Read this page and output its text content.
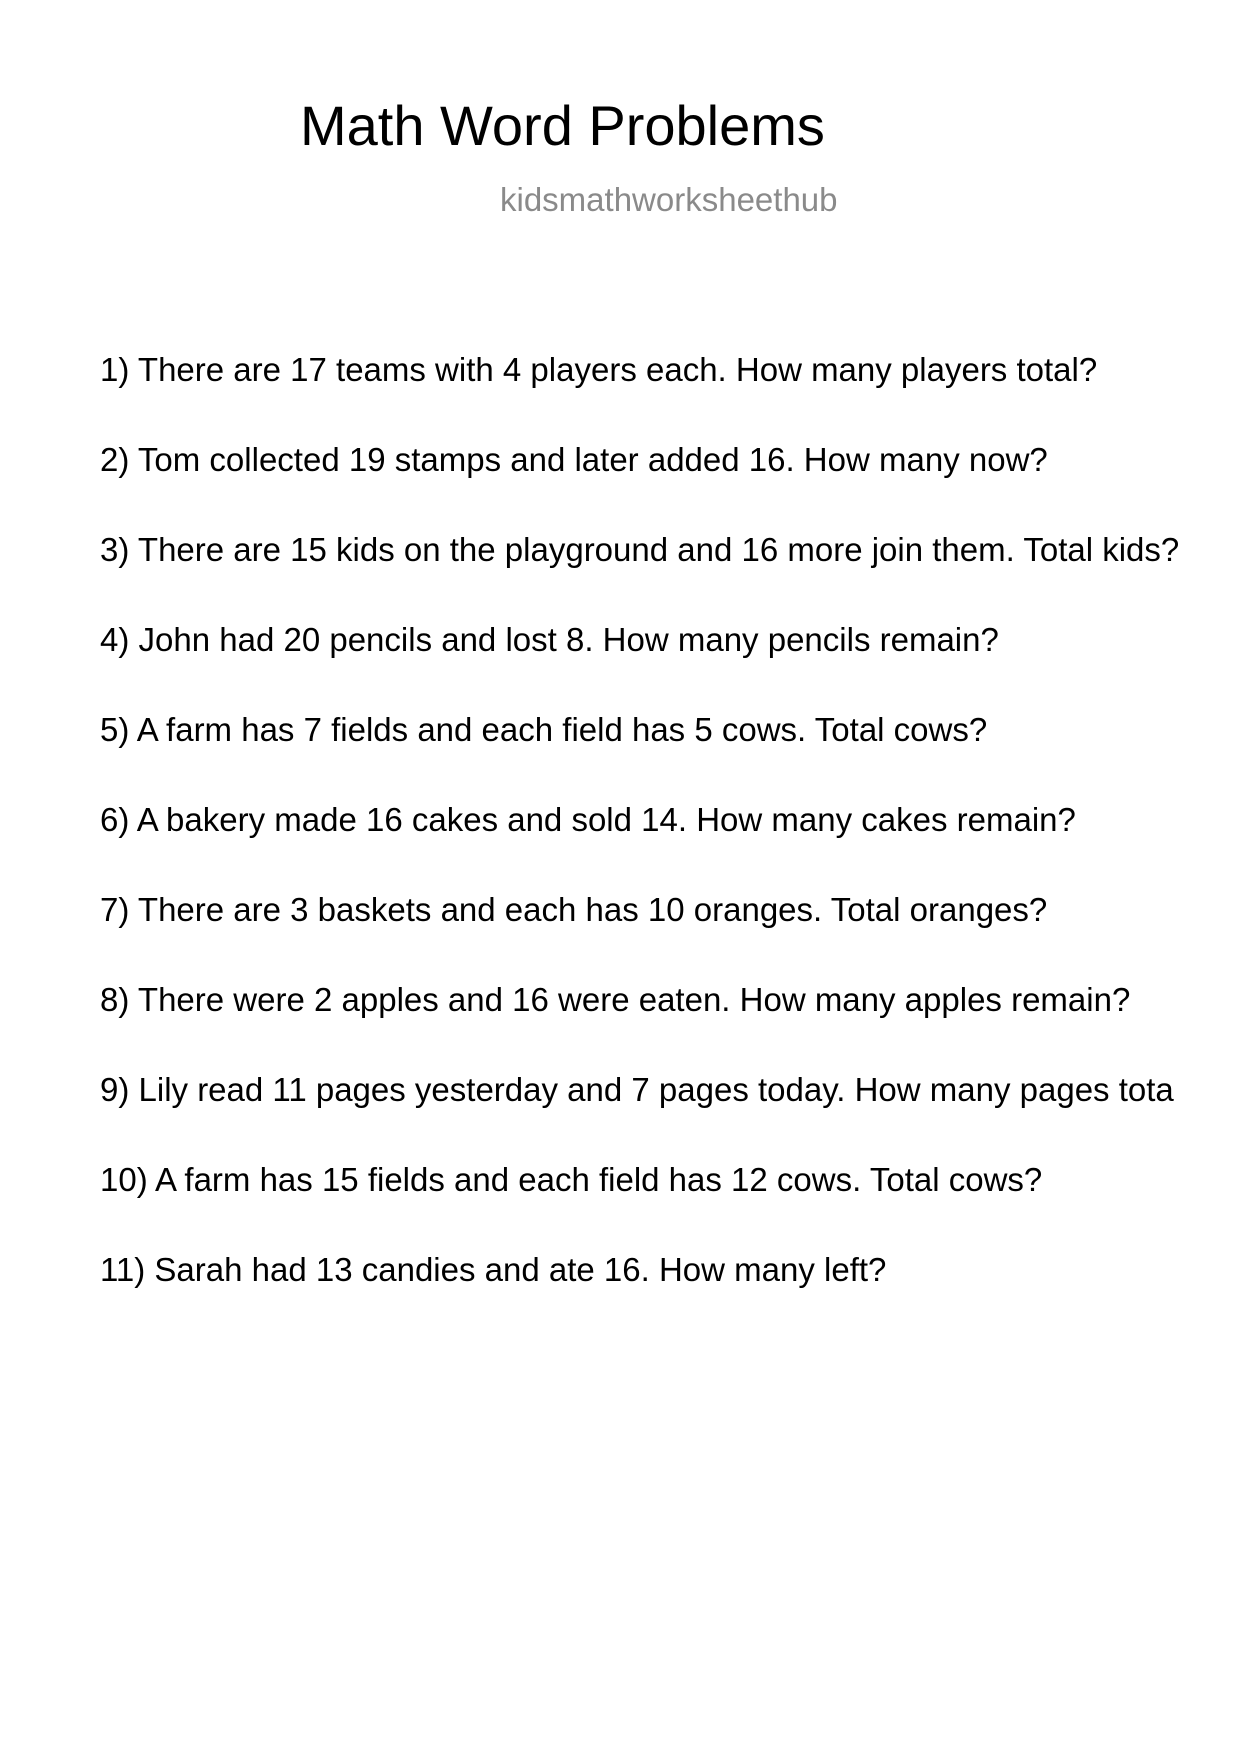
Math Word Problems
kidsmathworksheethub
1) There are 17 teams with 4 players each. How many players total?
2) Tom collected 19 stamps and later added 16. How many now?
3) There are 15 kids on the playground and 16 more join them. Total kids?
4) John had 20 pencils and lost 8. How many pencils remain?
5) A farm has 7 fields and each field has 5 cows. Total cows?
6) A bakery made 16 cakes and sold 14. How many cakes remain?
7) There are 3 baskets and each has 10 oranges. Total oranges?
8) There were 2 apples and 16 were eaten. How many apples remain?
9) Lily read 11 pages yesterday and 7 pages today. How many pages tota
10) A farm has 15 fields and each field has 12 cows. Total cows?
11) Sarah had 13 candies and ate 16. How many left?
